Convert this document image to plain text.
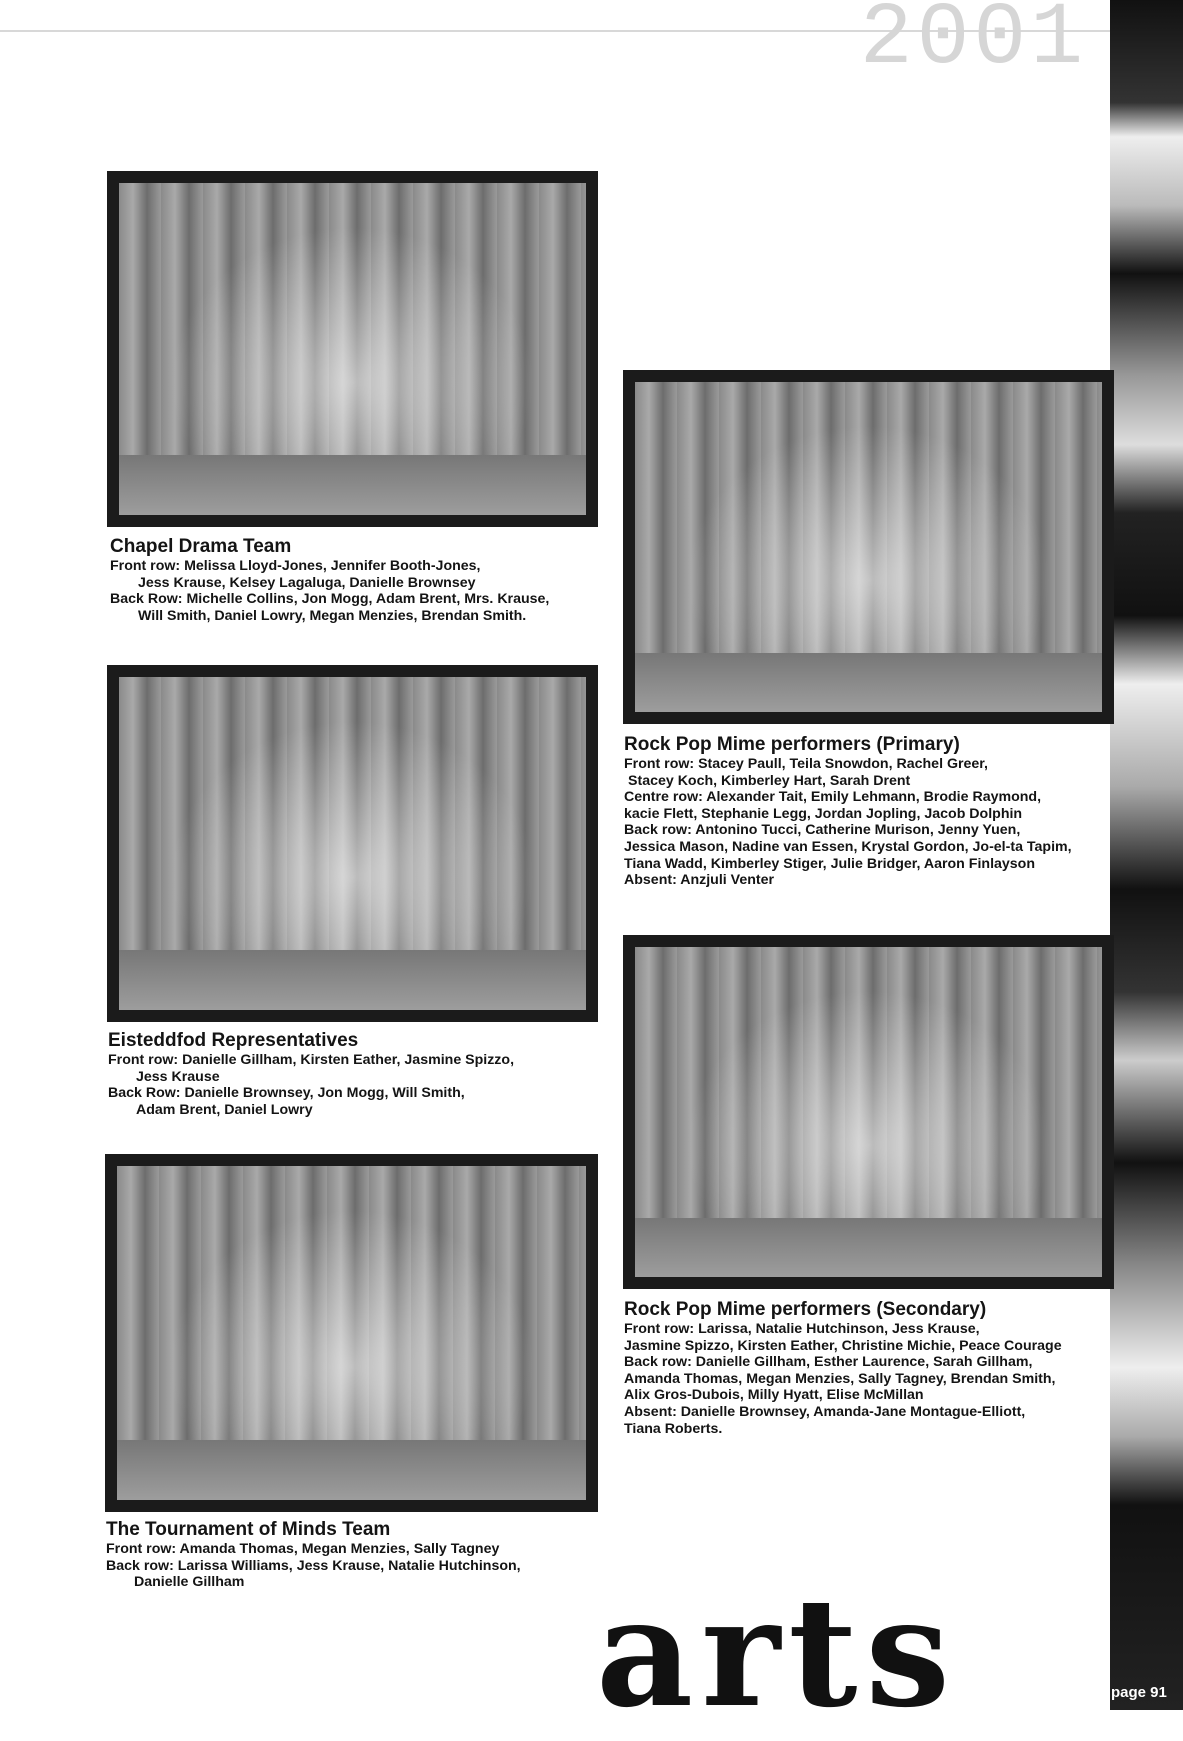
2001
Chapel Drama Team
Front row: Melissa Lloyd-Jones, Jennifer Booth-Jones,
Jess Krause, Kelsey Lagaluga, Danielle Brownsey
Back Row: Michelle Collins, Jon Mogg, Adam Brent, Mrs. Krause,
Will Smith, Daniel Lowry, Megan Menzies, Brendan Smith.
Eisteddfod Representatives
Front row: Danielle Gillham, Kirsten Eather, Jasmine Spizzo,
Jess Krause
Back Row: Danielle Brownsey, Jon Mogg, Will Smith,
Adam Brent, Daniel Lowry
The Tournament of Minds Team
Front row: Amanda Thomas, Megan Menzies, Sally Tagney
Back row: Larissa Williams, Jess Krause, Natalie Hutchinson,
Danielle Gillham
Rock Pop Mime performers (Primary)
Front row: Stacey Paull, Teila Snowdon, Rachel Greer,
Stacey Koch, Kimberley Hart, Sarah Drent
Centre row: Alexander Tait, Emily Lehmann, Brodie Raymond,
kacie Flett, Stephanie Legg, Jordan Jopling, Jacob Dolphin
Back row: Antonino Tucci, Catherine Murison, Jenny Yuen,
Jessica Mason, Nadine van Essen, Krystal Gordon, Jo-el-ta Tapim,
Tiana Wadd, Kimberley Stiger, Julie Bridger, Aaron Finlayson
Absent: Anzjuli Venter
Rock Pop Mime performers (Secondary)
Front row: Larissa, Natalie Hutchinson, Jess Krause,
Jasmine Spizzo, Kirsten Eather, Christine Michie, Peace Courage
Back row: Danielle Gillham, Esther Laurence, Sarah Gillham,
Amanda Thomas, Megan Menzies, Sally Tagney, Brendan Smith,
Alix Gros-Dubois, Milly Hyatt, Elise McMillan
Absent: Danielle Brownsey, Amanda-Jane Montague-Elliott,
Tiana Roberts.
arts	page 91
